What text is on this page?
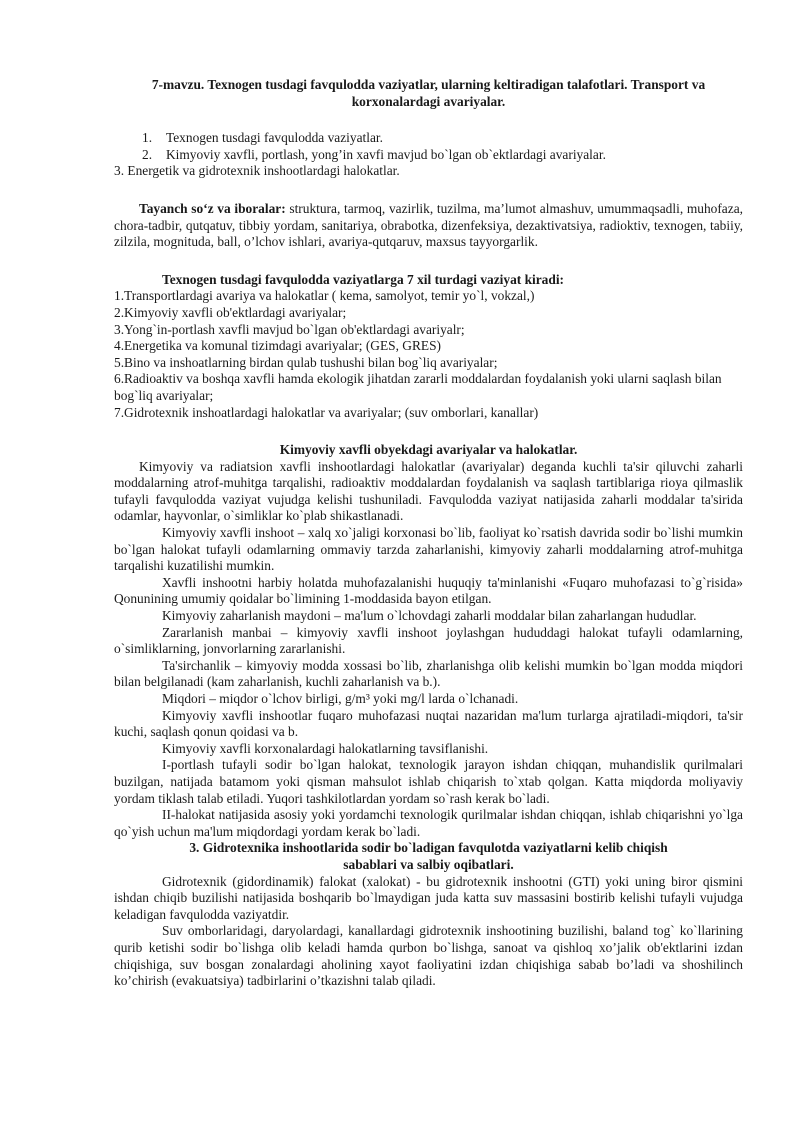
7-mavzu. Texnogen tusdagi favqulodda vaziyatlar, ularning keltiradigan talafotlari. Transport va
korxonalardagi avariyalar.
1. Texnogen tusdagi favqulodda vaziyatlar.
2. Kimyoviy xavfli, portlash, yong’in xavfi mavjud bo`lgan ob`ektlardagi avariyalar.
3. Energetik va gidrotexnik inshootlardagi halokatlar.

Tayanch so‘z va iboralar: struktura, tarmoq, vazirlik, tuzilma, ma’lumot almashuv, umummaqsadli, muhofaza, chora-tadbir, qutqatuv, tibbiy yordam, sanitariya, obrabotka, dizenfeksiya, dezaktivatsiya, radioktiv, texnogen, tabiiy, zilzila, mognituda, ball, o’lchov ishlari, avariya-qutqaruv, maxsus tayyorgarlik.

Texnogen tusdagi favqulodda vaziyatlarga 7 xil turdagi vaziyat kiradi:

1.Transportlardagi avariya va halokatlar ( kema, samolyot, temir yo`l, vokzal,)

2.Kimyoviy xavfli ob'ektlardagi avariyalar;

3.Yong`in-portlash xavfli mavjud bo`lgan ob'ektlardagi avariyalr;

4.Energetika va komunal tizimdagi avariyalar; (GES, GRES)

5.Bino va inshoatlarning birdan qulab tushushi bilan bog`liq avariyalar;

6.Radioaktiv va boshqa xavfli hamda ekologik jihatdan zararli moddalardan foydalanish yoki ularni saqlash bilan bog`liq avariyalar;

7.Gidrotexnik inshoatlardagi halokatlar va avariyalar; (suv omborlari, kanallar)

Kimyoviy xavfli obyekdagi avariyalar va halokatlar.

Kimyoviy va radiatsion xavfli inshootlardagi halokatlar (avariyalar) deganda kuchli ta'sir qiluvchi zaharli moddalarning atrof-muhitga tarqalishi, radioaktiv moddalardan foydalanish va saqlash tartiblariga rioya qilmaslik tufayli favqulodda vaziyat vujudga kelishi tushuniladi. Favqulodda vaziyat natijasida zaharli moddalar ta'sirida odamlar, hayvonlar, o`simliklar ko`plab shikastlanadi.

Kimyoviy xavfli inshoot – xalq xo`jaligi korxonasi bo`lib, faoliyat ko`rsatish davrida sodir bo`lishi mumkin bo`lgan halokat tufayli odamlarning ommaviy tarzda zaharlanishi, kimyoviy zaharli moddalarning atrof-muhitga tarqalishi kuzatilishi mumkin.

Xavfli inshootni harbiy holatda muhofazalanishi huquqiy ta'minlanishi «Fuqaro muhofazasi to`g`risida» Qonunining umumiy qoidalar bo`limining 1-moddasida bayon etilgan.

Kimyoviy zaharlanish maydoni – ma'lum o`lchovdagi zaharli moddalar bilan zaharlangan hududlar.

Zararlanish manbai – kimyoviy xavfli inshoot joylashgan hududdagi halokat tufayli odamlarning, o`simliklarning, jonvorlarning zararlanishi.

Ta'sirchanlik – kimyoviy modda xossasi bo`lib, zharlanishga olib kelishi mumkin bo`lgan modda miqdori bilan belgilanadi (kam zaharlanish, kuchli zaharlanish va b.).

Miqdori – miqdor o`lchov birligi, g/m³ yoki mg/l larda o`lchanadi.

Kimyoviy xavfli inshootlar fuqaro muhofazasi nuqtai nazaridan ma'lum turlarga ajratiladi-miqdori, ta'sir kuchi, saqlash qonun qoidasi va b.

Kimyoviy xavfli korxonalardagi halokatlarning tavsiflanishi.

I-portlash tufayli sodir bo`lgan halokat, texnologik jarayon ishdan chiqqan, muhandislik qurilmalari buzilgan, natijada batamom yoki qisman mahsulot ishlab chiqarish to`xtab qolgan. Katta miqdorda moliyaviy yordam tiklash talab etiladi. Yuqori tashkilotlardan yordam so`rash kerak bo`ladi.

II-halokat natijasida asosiy yoki yordamchi texnologik qurilmalar ishdan chiqqan, ishlab chiqarishni yo`lga qo`yish uchun ma'lum miqdordagi yordam kerak bo`ladi.

3. Gidrotexnika inshootlarida sodir bo`ladigan favqulotda vaziyatlarni kelib chiqish
sabablari va salbiy oqibatlari.

Gidrotexnik (gidordinamik) falokat (xalokat) - bu gidrotexnik inshootni (GTI) yoki uning biror qismini ishdan chiqib buzilishi natijasida boshqarib bo`lmaydigan juda katta suv massasini bostirib kelishi tufayli vujudga keladigan favqulodda vaziyatdir.

Suv omborlaridagi, daryolardagi, kanallardagi gidrotexnik inshootining buzilishi, baland tog` ko`llarining qurib ketishi sodir bo`lishga olib keladi hamda qurbon bo`lishga, sanoat va qishloq xo’jalik ob'ektlarini izdan chiqishiga, suv bosgan zonalardagi aholining xayot faoliyatini izdan chiqishiga sabab bo’ladi va shoshilinch ko’chirish (evakuatsiya) tadbirlarini o’tkazishni talab qiladi.
